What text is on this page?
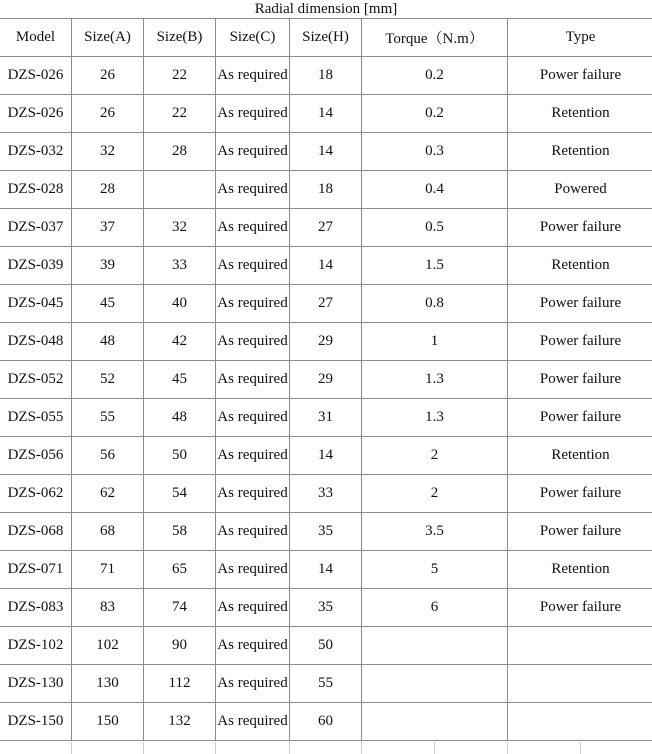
Radial dimension [mm]
Model	Size(A)	Size(B)	Size(C)	Size(H)	Torque（N.m）	Type
DZS-026	26	22	As required	18	0.2	Power failure
DZS-026	26	22	As required	14	0.2	Retention
DZS-032	32	28	As required	14	0.3	Retention
DZS-028	28		As required	18	0.4	Powered
DZS-037	37	32	As required	27	0.5	Power failure
DZS-039	39	33	As required	14	1.5	Retention
DZS-045	45	40	As required	27	0.8	Power failure
DZS-048	48	42	As required	29	1	Power failure
DZS-052	52	45	As required	29	1.3	Power failure
DZS-055	55	48	As required	31	1.3	Power failure
DZS-056	56	50	As required	14	2	Retention
DZS-062	62	54	As required	33	2	Power failure
DZS-068	68	58	As required	35	3.5	Power failure
DZS-071	71	65	As required	14	5	Retention
DZS-083	83	74	As required	35	6	Power failure
DZS-102	102	90	As required	50		
DZS-130	130	112	As required	55		
DZS-150	150	132	As required	60		
